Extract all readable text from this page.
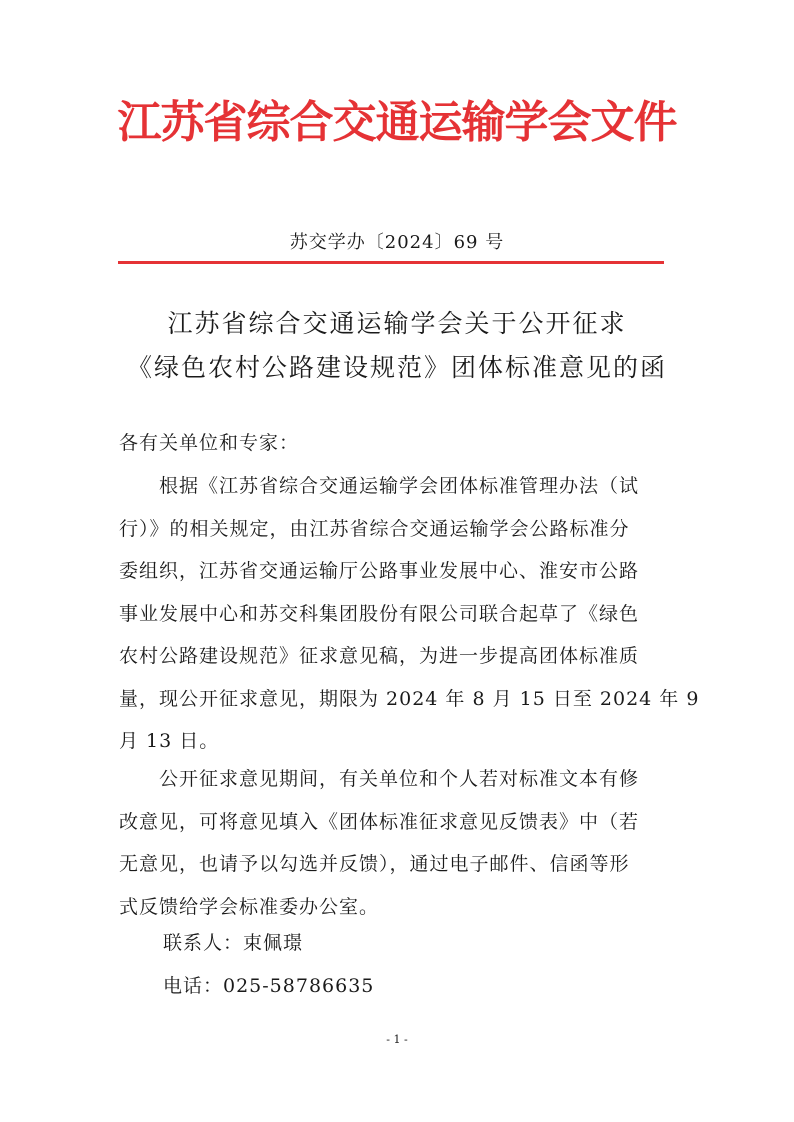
江苏省综合交通运输学会文件
苏交学办〔2024〕69 号
江苏省综合交通运输学会关于公开征求
《绿色农村公路建设规范》团体标准意见的函
各有关单位和专家：
　　根据《江苏省综合交通运输学会团体标准管理办法（试
行）》的相关规定，由江苏省综合交通运输学会公路标准分
委组织，江苏省交通运输厅公路事业发展中心、淮安市公路
事业发展中心和苏交科集团股份有限公司联合起草了《绿色
农村公路建设规范》征求意见稿，为进一步提高团体标准质
量，现公开征求意见，期限为 2024 年 8 月 15 日至 2024 年 9
月 13 日。
　　公开征求意见期间，有关单位和个人若对标准文本有修
改意见，可将意见填入《团体标准征求意见反馈表》中（若
无意见，也请予以勾选并反馈），通过电子邮件、信函等形
式反馈给学会标准委办公室。
联系人：束佩璟
电话：025-58786635
- 1 -
